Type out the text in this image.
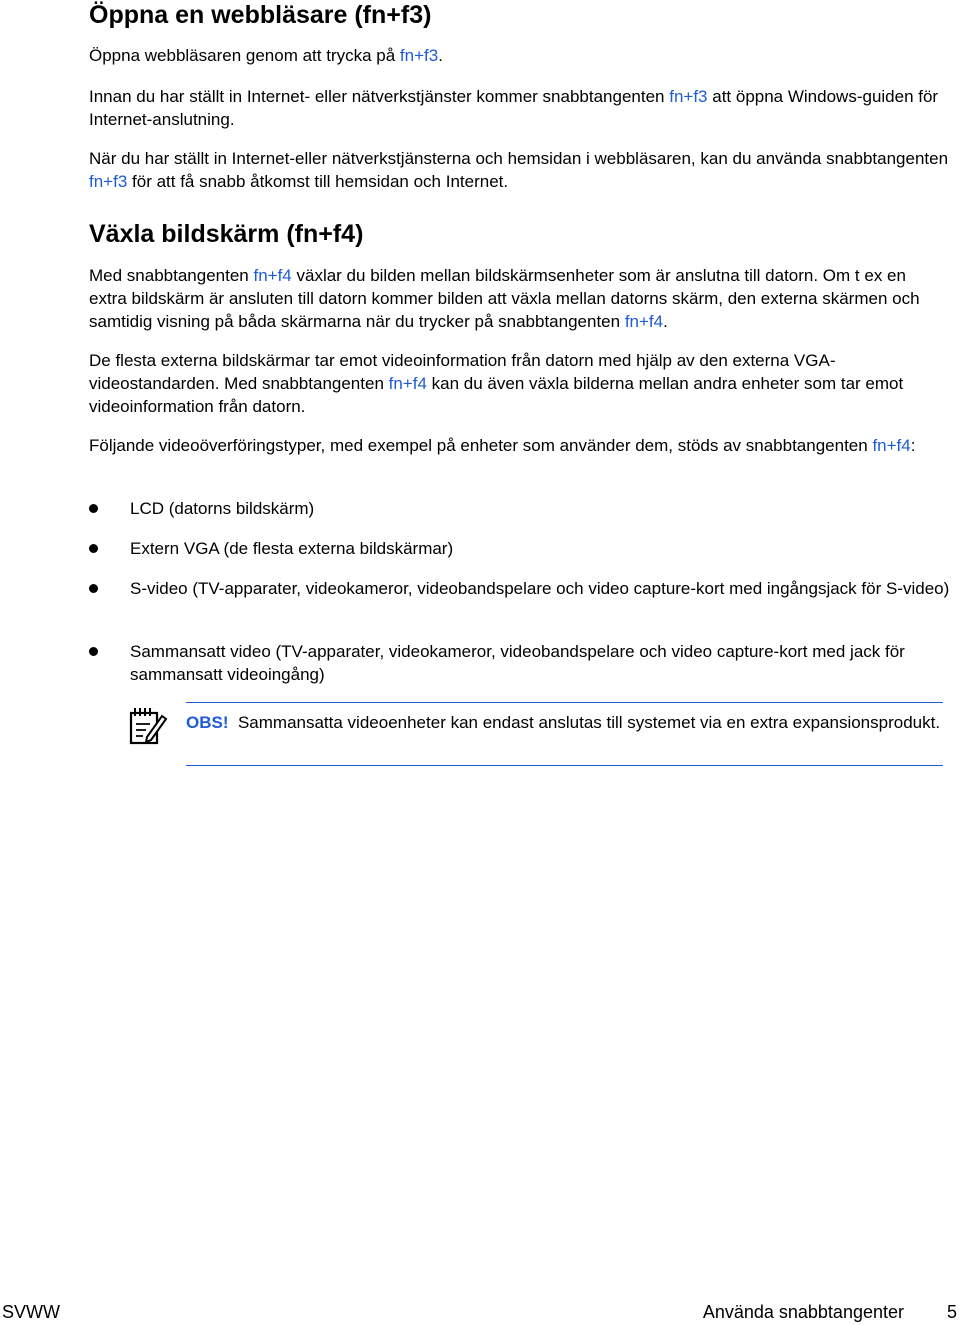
Öppna en webbläsare (fn+f3)

Öppna webbläsaren genom att trycka på fn+f3.

Innan du har ställt in Internet- eller nätverkstjänster kommer snabbtangenten fn+f3 att öppna Windows-guiden för Internet-anslutning.

När du har ställt in Internet-eller nätverkstjänsterna och hemsidan i webbläsaren, kan du använda snabbtangenten fn+f3 för att få snabb åtkomst till hemsidan och Internet.

Växla bildskärm (fn+f4)

Med snabbtangenten fn+f4 växlar du bilden mellan bildskärmsenheter som är anslutna till datorn. Om t ex en extra bildskärm är ansluten till datorn kommer bilden att växla mellan datorns skärm, den externa skärmen och samtidig visning på båda skärmarna när du trycker på snabbtangenten fn+f4.

De flesta externa bildskärmar tar emot videoinformation från datorn med hjälp av den externa VGA-videostandarden. Med snabbtangenten fn+f4 kan du även växla bilderna mellan andra enheter som tar emot videoinformation från datorn.

Följande videoöverföringstyper, med exempel på enheter som använder dem, stöds av snabbtangenten fn+f4:

LCD (datorns bildskärm)
Extern VGA (de flesta externa bildskärmar)
S-video (TV-apparater, videokameror, videobandspelare och video capture-kort med ingångsjack för S-video)
Sammansatt video (TV-apparater, videokameror, videobandspelare och video capture-kort med jack för sammansatt videoingång)
OBS! Sammansatta videoenheter kan endast anslutas till systemet via en extra expansionsprodukt.
SVWW	Använda snabbtangenter 5
